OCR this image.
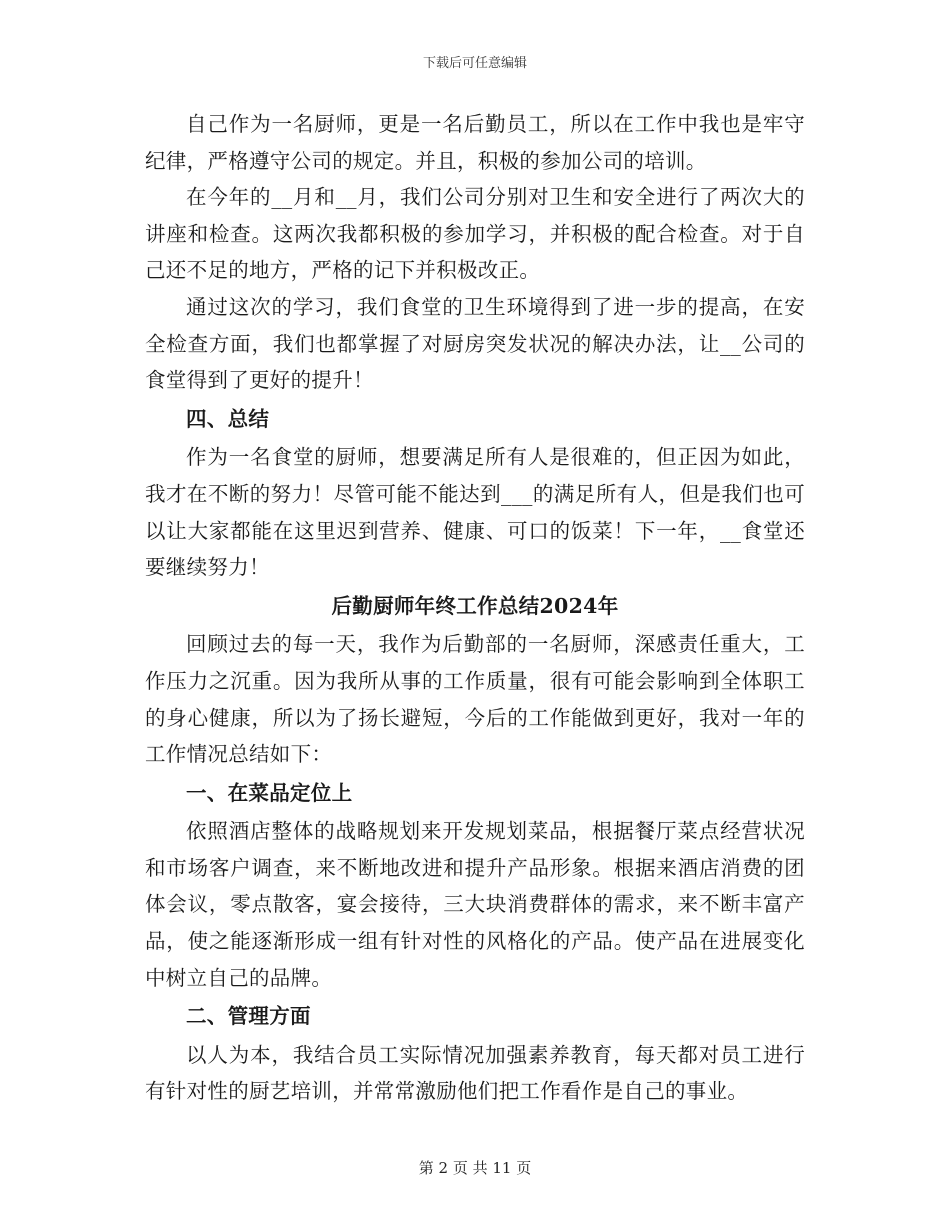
下载后可任意编辑

自己作为一名厨师，更是一名后勤员工，所以在工作中我也是牢守纪律，严格遵守公司的规定。并且，积极的参加公司的培训。

在今年的__月和__月，我们公司分别对卫生和安全进行了两次大的讲座和检查。这两次我都积极的参加学习，并积极的配合检查。对于自己还不足的地方，严格的记下并积极改正。

通过这次的学习，我们食堂的卫生环境得到了进一步的提高，在安全检查方面，我们也都掌握了对厨房突发状况的解决办法，让__公司的食堂得到了更好的提升！

四、总结

作为一名食堂的厨师，想要满足所有人是很难的，但正因为如此，我才在不断的努力！尽管可能不能达到___的满足所有人，但是我们也可以让大家都能在这里迟到营养、健康、可口的饭菜！下一年，__食堂还要继续努力！

后勤厨师年终工作总结2024年

回顾过去的每一天，我作为后勤部的一名厨师，深感责任重大，工作压力之沉重。因为我所从事的工作质量，很有可能会影响到全体职工的身心健康，所以为了扬长避短，今后的工作能做到更好，我对一年的工作情况总结如下：

一、在菜品定位上

依照酒店整体的战略规划来开发规划菜品，根据餐厅菜点经营状况和市场客户调查，来不断地改进和提升产品形象。根据来酒店消费的团体会议，零点散客，宴会接待，三大块消费群体的需求，来不断丰富产品，使之能逐渐形成一组有针对性的风格化的产品。使产品在进展变化中树立自己的品牌。

二、管理方面

以人为本，我结合员工实际情况加强素养教育，每天都对员工进行有针对性的厨艺培训，并常常激励他们把工作看作是自己的事业。

第 2 页 共 11 页
